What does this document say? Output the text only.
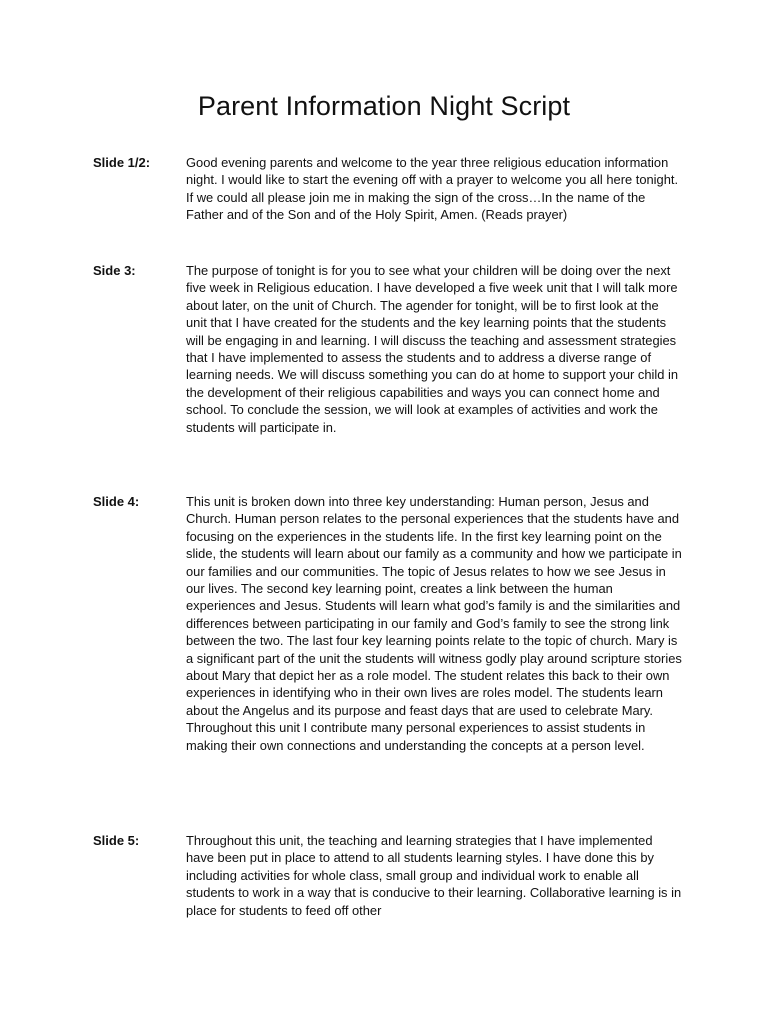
Parent Information Night Script
Slide 1/2:	Good evening parents and welcome to the year three religious education information night. I would like to start the evening off with a prayer to welcome you all here tonight. If we could all please join me in making the sign of the cross…In the name of the Father and of the Son and of the Holy Spirit, Amen. (Reads prayer)
Side 3:	The purpose of tonight is for you to see what your children will be doing over the next five week in Religious education. I have developed a five week unit that I will talk more about later, on the unit of Church. The agender for tonight, will be to first look at the unit that I have created for the students and the key learning points that the students will be engaging in and learning. I will discuss the teaching and assessment strategies that I have implemented to assess the students and to address a diverse range of learning needs. We will discuss something you can do at home to support your child in the development of their religious capabilities and ways you can connect home and school. To conclude the session, we will look at examples of activities and work the students will participate in.
Slide 4:	This unit is broken down into three key understanding: Human person, Jesus and Church. Human person relates to the personal experiences that the students have and focusing on the experiences in the students life. In the first key learning point on the slide, the students will learn about our family as a community and how we participate in our families and our communities. The topic of Jesus relates to how we see Jesus in our lives. The second key learning point, creates a link between the human experiences and Jesus. Students will learn what god’s family is and the similarities and differences between participating in our family and God’s family to see the strong link between the two. The last four key learning points relate to the topic of church. Mary is a significant part of the unit the students will witness godly play around scripture stories about Mary that depict her as a role model. The student relates this back to their own experiences in identifying who in their own lives are roles model. The students learn about the Angelus and its purpose and feast days that are used to celebrate Mary. Throughout this unit I contribute many personal experiences to assist students in making their own connections and understanding the concepts at a person level.
Slide 5:	Throughout this unit, the teaching and learning strategies that I have implemented have been put in place to attend to all students learning styles. I have done this by including activities for whole class, small group and individual work to enable all students to work in a way that is conducive to their learning. Collaborative learning is in place for students to feed off other
